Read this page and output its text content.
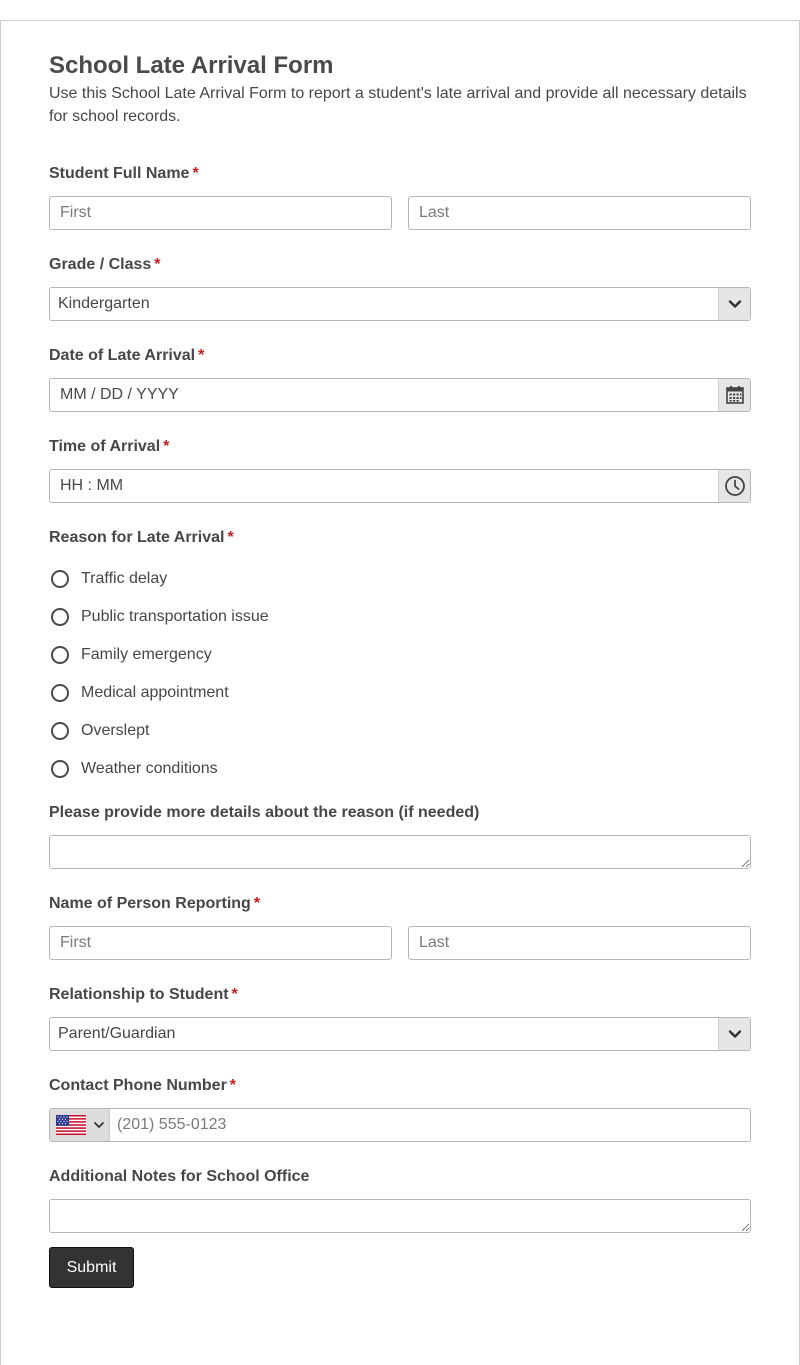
School Late Arrival Form
Use this School Late Arrival Form to report a student's late arrival and provide all necessary details for school records.
Student Full Name *
First	Last
Grade / Class *
Kindergarten
Date of Late Arrival *
MM / DD / YYYY
Time of Arrival *
HH : MM
Reason for Late Arrival *
Traffic delay
Public transportation issue
Family emergency
Medical appointment
Overslept
Weather conditions
Please provide more details about the reason (if needed)
Name of Person Reporting *
First	Last
Relationship to Student *
Parent/Guardian
Contact Phone Number *
(201) 555-0123
Additional Notes for School Office
Submit
